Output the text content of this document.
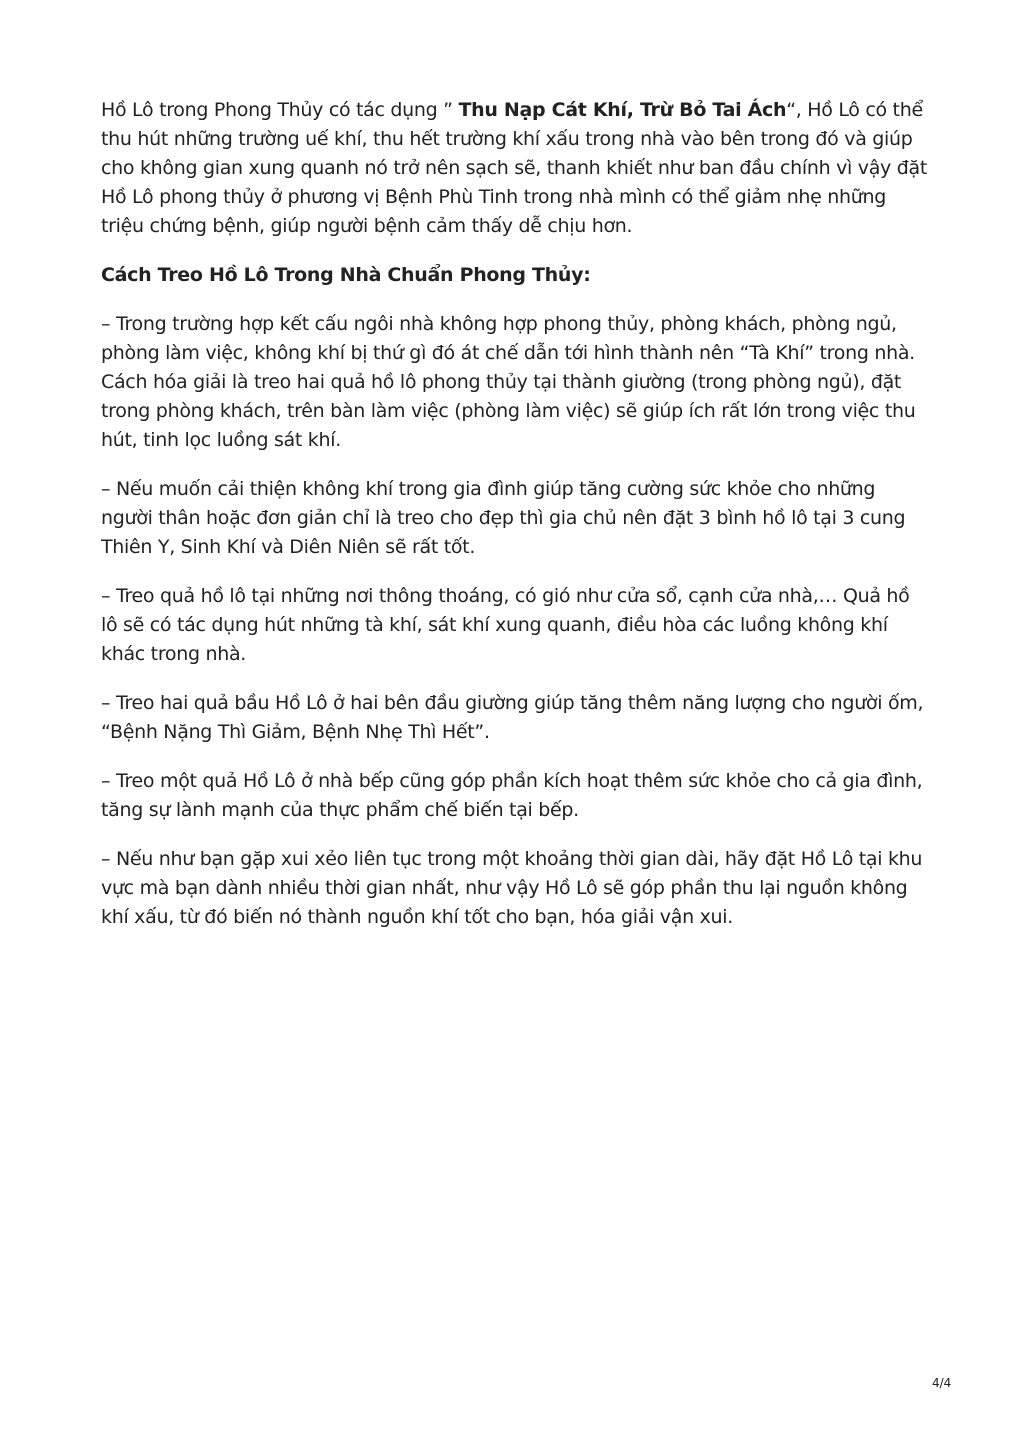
Hồ Lô trong Phong Thủy có tác dụng ” Thu Nạp Cát Khí, Trừ Bỏ Tai Ách“, Hồ Lô có thể thu hút những trường uế khí, thu hết trường khí xấu trong nhà vào bên trong đó và giúp cho không gian xung quanh nó trở nên sạch sẽ, thanh khiết như ban đầu chính vì vậy đặt Hồ Lô phong thủy ở phương vị Bệnh Phù Tinh trong nhà mình có thể giảm nhẹ những triệu chứng bệnh, giúp người bệnh cảm thấy dễ chịu hơn.

Cách Treo Hồ Lô Trong Nhà Chuẩn Phong Thủy:

– Trong trường hợp kết cấu ngôi nhà không hợp phong thủy, phòng khách, phòng ngủ, phòng làm việc, không khí bị thứ gì đó át chế dẫn tới hình thành nên “Tà Khí” trong nhà. Cách hóa giải là treo hai quả hồ lô phong thủy tại thành giường (trong phòng ngủ), đặt trong phòng khách, trên bàn làm việc (phòng làm việc) sẽ giúp ích rất lớn trong việc thu hút, tinh lọc luồng sát khí.

– Nếu muốn cải thiện không khí trong gia đình giúp tăng cường sức khỏe cho những người thân hoặc đơn giản chỉ là treo cho đẹp thì gia chủ nên đặt 3 bình hồ lô tại 3 cung Thiên Y, Sinh Khí và Diên Niên sẽ rất tốt.

– Treo quả hồ lô tại những nơi thông thoáng, có gió như cửa sổ, cạnh cửa nhà,… Quả hồ lô sẽ có tác dụng hút những tà khí, sát khí xung quanh, điều hòa các luồng không khí khác trong nhà.

– Treo hai quả bầu Hồ Lô ở hai bên đầu giường giúp tăng thêm năng lượng cho người ốm, “Bệnh Nặng Thì Giảm, Bệnh Nhẹ Thì Hết”.

– Treo một quả Hồ Lô ở nhà bếp cũng góp phần kích hoạt thêm sức khỏe cho cả gia đình, tăng sự lành mạnh của thực phẩm chế biến tại bếp.

– Nếu như bạn gặp xui xẻo liên tục trong một khoảng thời gian dài, hãy đặt Hồ Lô tại khu vực mà bạn dành nhiều thời gian nhất, như vậy Hồ Lô sẽ góp phần thu lại nguồn không khí xấu, từ đó biến nó thành nguồn khí tốt cho bạn, hóa giải vận xui.

4/4
